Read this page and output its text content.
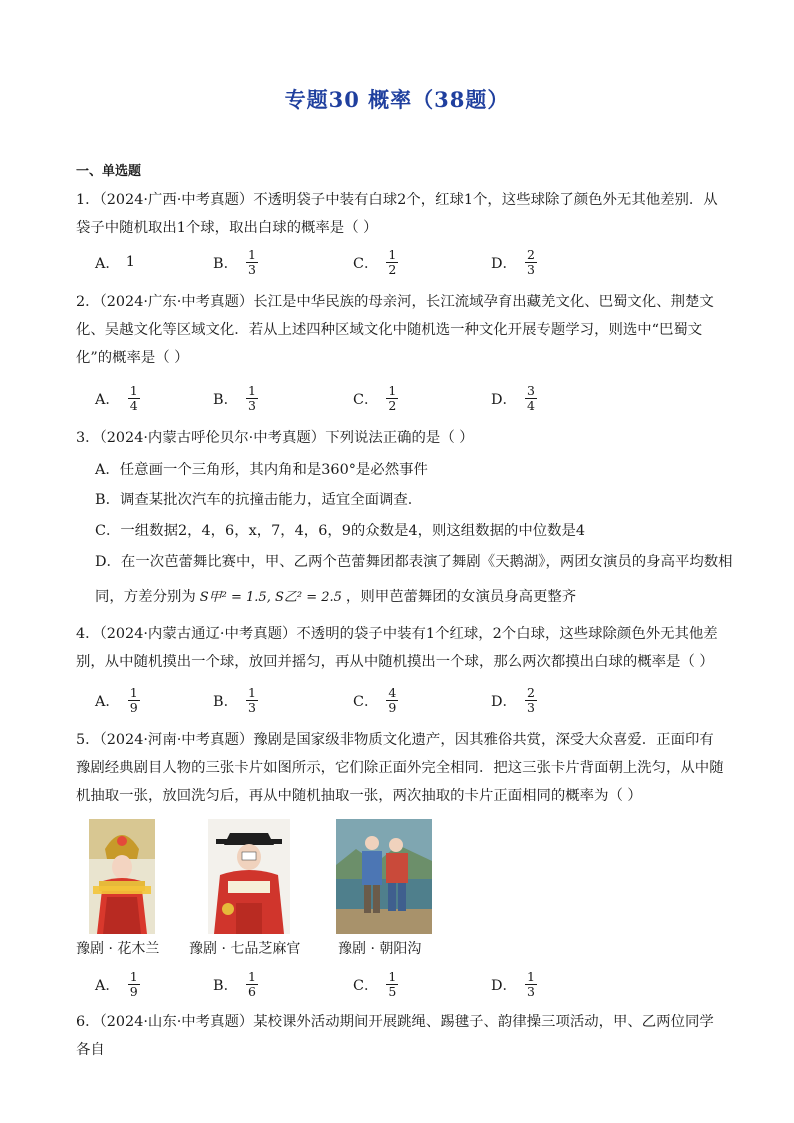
专题30 概率（38题）
一、单选题
1．（2024·广西·中考真题）不透明袋子中装有白球2个，红球1个，这些球除了颜色外无其他差别．从袋子中随机取出1个球，取出白球的概率是（ ）
A． 1	B． $\frac{1}{3}$	C． $\frac{1}{2}$	D． $\frac{2}{3}$
2．（2024·广东·中考真题）长江是中华民族的母亲河，长江流域孕育出藏羌文化、巴蜀文化、荆楚文化、吴越文化等区域文化．若从上述四种区域文化中随机选一种文化开展专题学习，则选中“巴蜀文化”的概率是（ ）
A． $\frac{1}{4}$	B． $\frac{1}{3}$	C． $\frac{1}{2}$	D． $\frac{3}{4}$
3．（2024·内蒙古呼伦贝尔·中考真题）下列说法正确的是（ ）
A．任意画一个三角形，其内角和是360°是必然事件
B．调查某批次汽车的抗撞击能力，适宜全面调查．
C．一组数据2，4，6，x，7，4，6，9的众数是4，则这组数据的中位数是4
D．在一次芭蕾舞比赛中，甲、乙两个芭蕾舞团都表演了舞剧《天鹅湖》，两团女演员的身高平均数相
同，方差分别为 S甲² = 1.5, S乙² = 2.5 ，则甲芭蕾舞团的女演员身高更整齐
4．（2024·内蒙古通辽·中考真题）不透明的袋子中装有1个红球，2个白球，这些球除颜色外无其他差别，从中随机摸出一个球，放回并摇匀，再从中随机摸出一个球，那么两次都摸出白球的概率是（ ）
A． $\frac{1}{9}$	B． $\frac{1}{3}$	C． $\frac{4}{9}$	D． $\frac{2}{3}$
5．（2024·河南·中考真题）豫剧是国家级非物质文化遗产，因其雅俗共赏，深受大众喜爱．正面印有豫剧经典剧目人物的三张卡片如图所示，它们除正面外完全相同．把这三张卡片背面朝上洗匀，从中随机抽取一张，放回洗匀后，再从中随机抽取一张，两次抽取的卡片正面相同的概率为（ ）
豫剧 · 花木兰 豫剧 · 七品芝麻官	豫剧 · 朝阳沟
A． $\frac{1}{9}$	B． $\frac{1}{6}$	C． $\frac{1}{5}$	D． $\frac{1}{3}$
6．（2024·山东·中考真题）某校课外活动期间开展跳绳、踢毽子、韵律操三项活动，甲、乙两位同学各自
